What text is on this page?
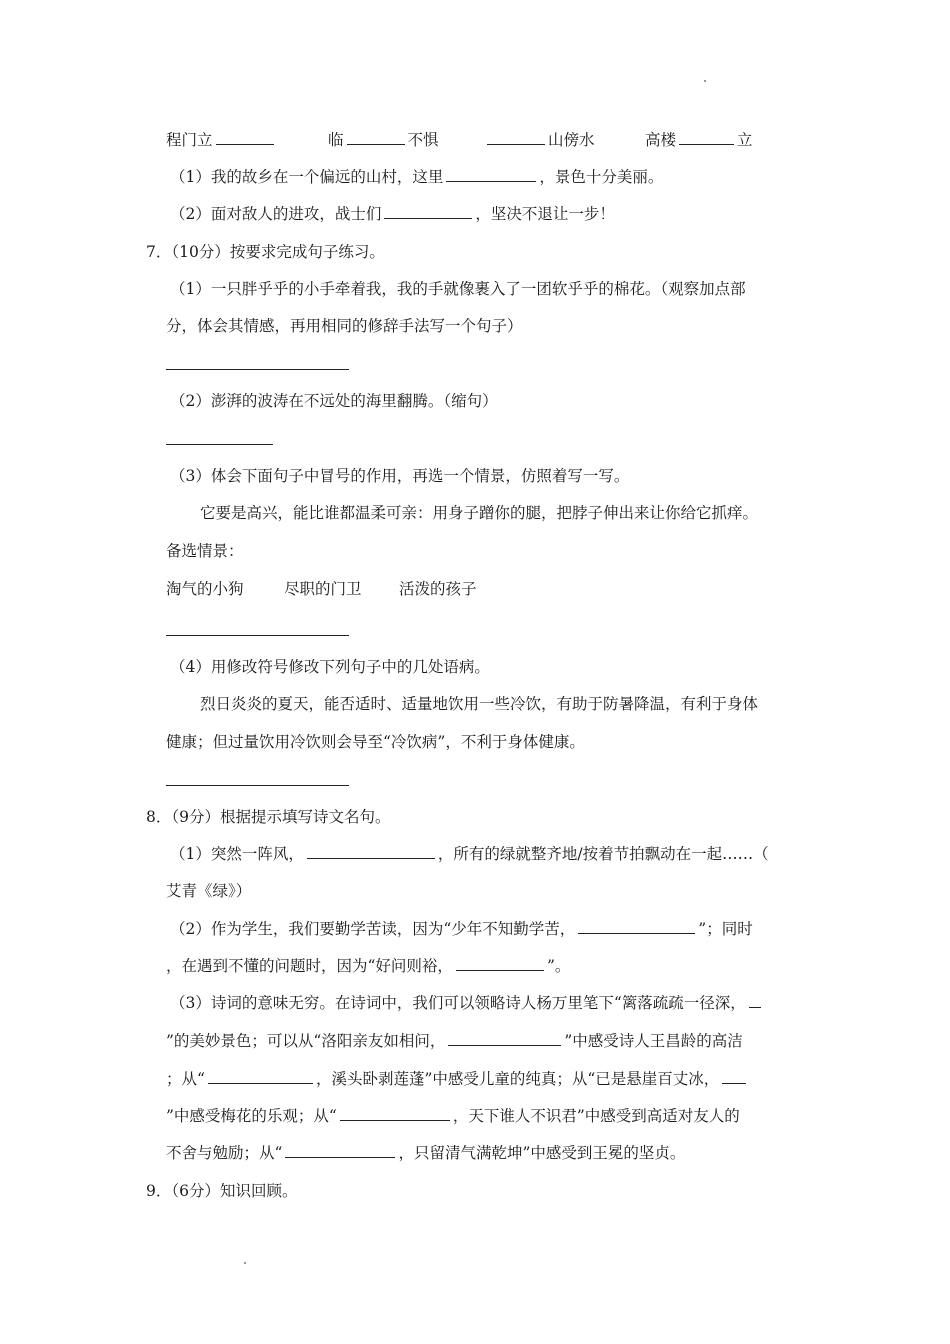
程门立	临	不惧	山傍水	高楼	立
（1）我的故乡在一个偏远的山村，这里	，景色十分美丽。
（2）面对敌人的进攻，战士们	，坚决不退让一步！
7．（10分）按要求完成句子练习。
（1）一只胖乎乎的小手牵着我，我的手就像裹入了一团软乎乎的棉花。（观察加点部
分，体会其情感，再用相同的修辞手法写一个句子）
（2）澎湃的波涛在不远处的海里翻腾。（缩句）
（3）体会下面句子中冒号的作用，再选一个情景，仿照着写一写。
它要是高兴，能比谁都温柔可亲：用身子蹭你的腿，把脖子伸出来让你给它抓痒。
备选情景：
淘气的小狗	尽职的门卫 活泼的孩子
（4）用修改符号修改下列句子中的几处语病。
烈日炎炎的夏天，能否适时、适量地饮用一些冷饮，有助于防暑降温，有利于身体
健康；但过量饮用冷饮则会导至“冷饮病”，不利于身体健康。
8．（9分）根据提示填写诗文名句。
（1）突然一阵风，	，所有的绿就整齐地/按着节拍飘动在一起……（
艾青《绿》）
（2）作为学生，我们要勤学苦读，因为“少年不知勤学苦，	”；同时
，在遇到不懂的问题时，因为“好问则裕，	”。
（3）诗词的意味无穷。在诗词中，我们可以领略诗人杨万里笔下“篱落疏疏一径深，
”的美妙景色；可以从“洛阳亲友如相问，	”中感受诗人王昌龄的高洁
；从“	，溪头卧剥莲蓬”中感受儿童的纯真；从“已是悬崖百丈冰，
”中感受梅花的乐观；从“	，天下谁人不识君”中感受到高适对友人的
不舍与勉励；从“	，只留清气满乾坤”中感受到王冕的坚贞。
9．（6分）知识回顾。
